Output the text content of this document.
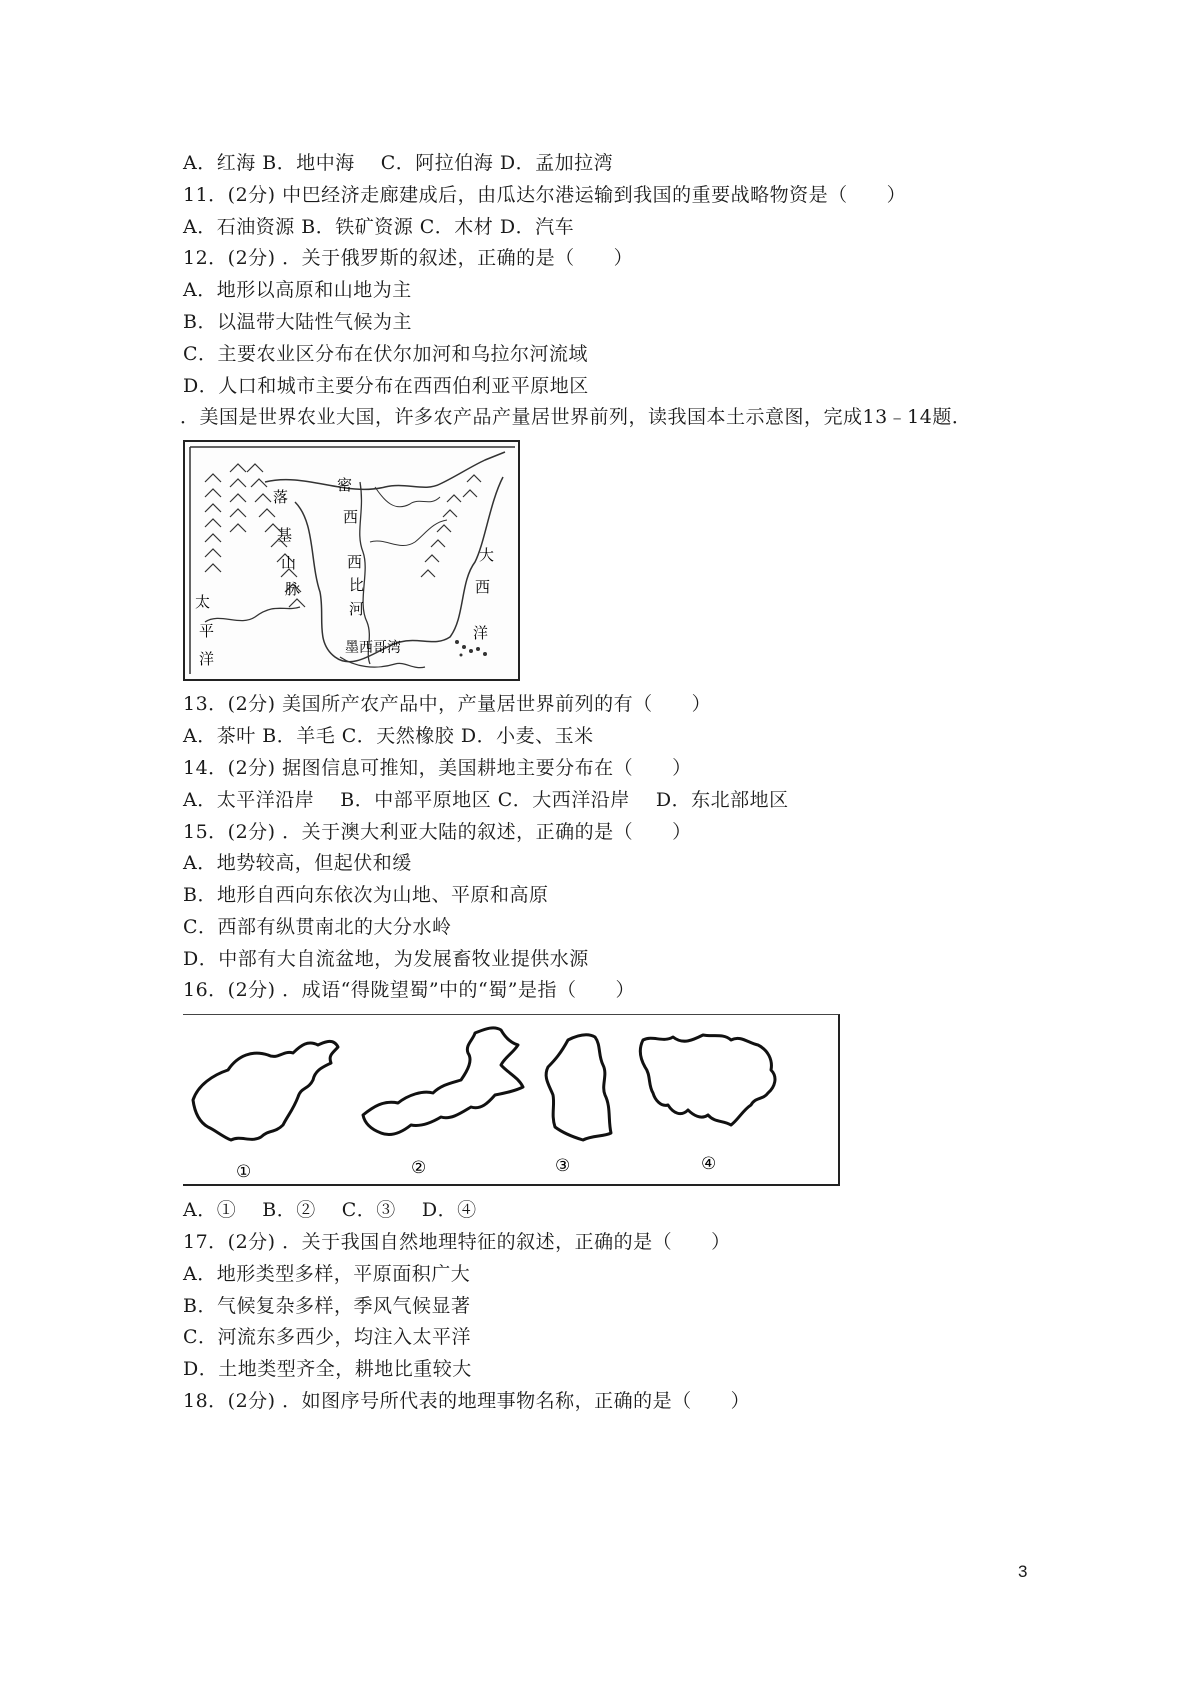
A．红海 B．地中海　 C．阿拉伯海 D．孟加拉湾
11．(2分) 中巴经济走廊建成后，由瓜达尔港运输到我国的重要战略物资是（　　）
A．石油资源 B．铁矿资源 C．木材 D．汽车
12．(2分) ．关于俄罗斯的叙述，正确的是（　　）
A．地形以高原和山地为主
B．以温带大陆性气候为主
C．主要农业区分布在伏尔加河和乌拉尔河流域
D．人口和城市主要分布在西西伯利亚平原地区
．美国是世界农业大国，许多农产品产量居世界前列，读我国本土示意图，完成13﹣14题．
落
基
山
脉
密
西
西
比
河
大
西
洋
太
平
洋
墨西哥湾
13．(2分) 美国所产农产品中，产量居世界前列的有（　　）
A．茶叶 B．羊毛 C．天然橡胶 D．小麦、玉米
14．(2分) 据图信息可推知，美国耕地主要分布在（　　）
A．太平洋沿岸　 B．中部平原地区 C．大西洋沿岸　 D．东北部地区
15．(2分) ．关于澳大利亚大陆的叙述，正确的是（　　）
A．地势较高，但起伏和缓
B．地形自西向东依次为山地、平原和高原
C．西部有纵贯南北的大分水岭
D．中部有大自流盆地，为发展畜牧业提供水源
16．(2分) ．成语“得陇望蜀”中的“蜀”是指（　　）
①	②	③	④
A．①　 B．②　 C．③　 D．④
17．(2分) ．关于我国自然地理特征的叙述，正确的是（　　）
A．地形类型多样，平原面积广大
B．气候复杂多样，季风气候显著
C．河流东多西少，均注入太平洋
D．土地类型齐全，耕地比重较大
18．(2分) ．如图序号所代表的地理事物名称，正确的是（　　）
3
